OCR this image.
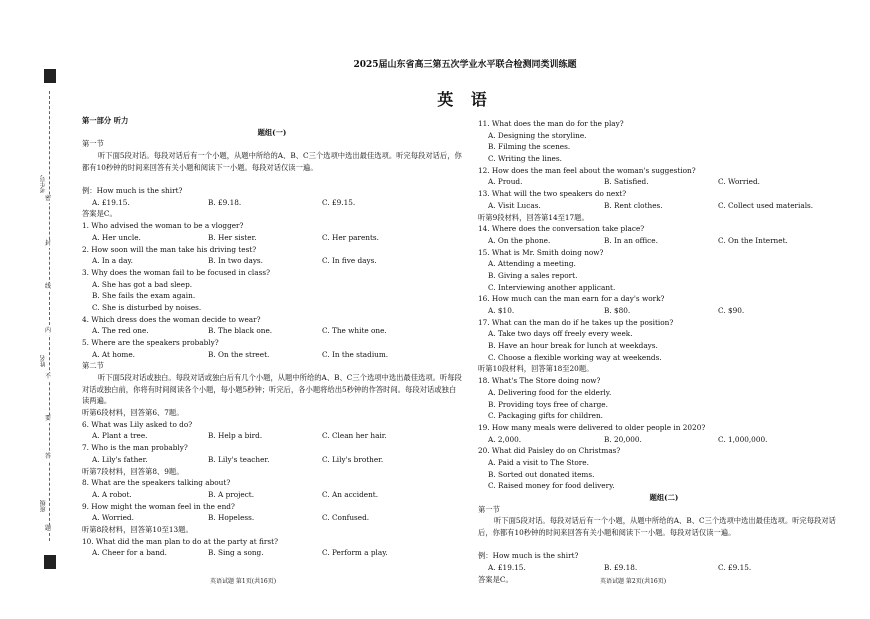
考生号
密
封
线
内
姓名
不
要
答
班级
题
2025届山东省高三第五次学业水平联合检测同类训练题
英 语
第一部分 听力
题组(一)
第一节
听下面5段对话。每段对话后有一个小题，从题中所给的A、B、C三个选项中选出最佳选项。听完每段对话后，你都有10秒钟的时间来回答有关小题和阅读下一小题。每段对话仅读一遍。
例：How much is the shirt?
A. £19.15.	B. £9.18.	C. £9.15.
答案是C。
1. Who advised the woman to be a vlogger?
A. Her uncle.	B. Her sister.	C. Her parents.
2. How soon will the man take his driving test?
A. In a day.	B. In two days.	C. In five days.
3. Why does the woman fail to be focused in class?
A. She has got a bad sleep.
B. She fails the exam again.
C. She is disturbed by noises.
4. Which dress does the woman decide to wear?
A. The red one.	B. The black one.	C. The white one.
5. Where are the speakers probably?
A. At home.	B. On the street.	C. In the stadium.
第二节
听下面5段对话或独白。每段对话或独白后有几个小题，从题中所给的A、B、C三个选项中选出最佳选项。听每段对话或独白前，你将有时间阅读各个小题，每小题5秒钟；听完后，各小题将给出5秒钟的作答时间。每段对话或独白读两遍。
听第6段材料，回答第6、7题。
6. What was Lily asked to do?
A. Plant a tree.	B. Help a bird.	C. Clean her hair.
7. Who is the man probably?
A. Lily's father.	B. Lily's teacher.	C. Lily's brother.
听第7段材料，回答第8、9题。
8. What are the speakers talking about?
A. A robot.	B. A project.	C. An accident.
9. How might the woman feel in the end?
A. Worried.	B. Hopeless.	C. Confused.
听第8段材料，回答第10至13题。
10. What did the man plan to do at the party at first?
A. Cheer for a band.	B. Sing a song.	C. Perform a play.
11. What does the man do for the play?
A. Designing the storyline.
B. Filming the scenes.
C. Writing the lines.
12. How does the man feel about the woman's suggestion?
A. Proud.	B. Satisfied.	C. Worried.
13. What will the two speakers do next?
A. Visit Lucas.	B. Rent clothes.	C. Collect used materials.
听第9段材料，回答第14至17题。
14. Where does the conversation take place?
A. On the phone.	B. In an office.	C. On the Internet.
15. What is Mr. Smith doing now?
A. Attending a meeting.
B. Giving a sales report.
C. Interviewing another applicant.
16. How much can the man earn for a day's work?
A. $10.	B. $80.	C. $90.
17. What can the man do if he takes up the position?
A. Take two days off freely every week.
B. Have an hour break for lunch at weekdays.
C. Choose a flexible working way at weekends.
听第10段材料，回答第18至20题。
18. What's The Store doing now?
A. Delivering food for the elderly.
B. Providing toys free of charge.
C. Packaging gifts for children.
19. How many meals were delivered to older people in 2020?
A. 2,000.	B. 20,000.	C. 1,000,000.
20. What did Paisley do on Christmas?
A. Paid a visit to The Store.
B. Sorted out donated items.
C. Raised money for food delivery.
题组(二)
第一节
听下面5段对话。每段对话后有一个小题，从题中所给的A、B、C三个选项中选出最佳选项。听完每段对话后，你都有10秒钟的时间来回答有关小题和阅读下一小题。每段对话仅读一遍。
例：How much is the shirt?
A. £19.15.	B. £9.18.	C. £9.15.
答案是C。
英语试题 第1页(共16页)	英语试题 第2页(共16页)
